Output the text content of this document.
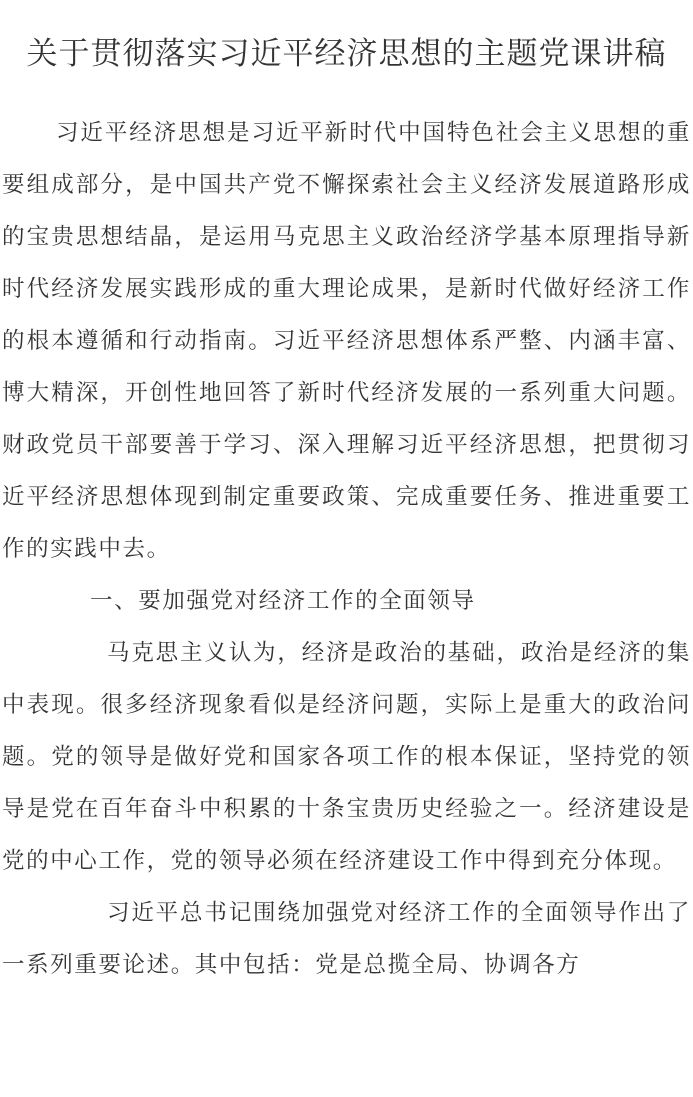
关于贯彻落实习近平经济思想的主题党课讲稿

习近平经济思想是习近平新时代中国特色社会主义思想的重要组成部分，是中国共产党不懈探索社会主义经济发展道路形成的宝贵思想结晶，是运用马克思主义政治经济学基本原理指导新时代经济发展实践形成的重大理论成果，是新时代做好经济工作的根本遵循和行动指南。习近平经济思想体系严整、内涵丰富、博大精深，开创性地回答了新时代经济发展的一系列重大问题。财政党员干部要善于学习、深入理解习近平经济思想，把贯彻习近平经济思想体现到制定重要政策、完成重要任务、推进重要工作的实践中去。

一、要加强党对经济工作的全面领导

马克思主义认为，经济是政治的基础，政治是经济的集中表现。很多经济现象看似是经济问题，实际上是重大的政治问题。党的领导是做好党和国家各项工作的根本保证，坚持党的领导是党在百年奋斗中积累的十条宝贵历史经验之一。经济建设是党的中心工作，党的领导必须在经济建设工作中得到充分体现。

习近平总书记围绕加强党对经济工作的全面领导作出了一系列重要论述。其中包括：党是总揽全局、协调各方
